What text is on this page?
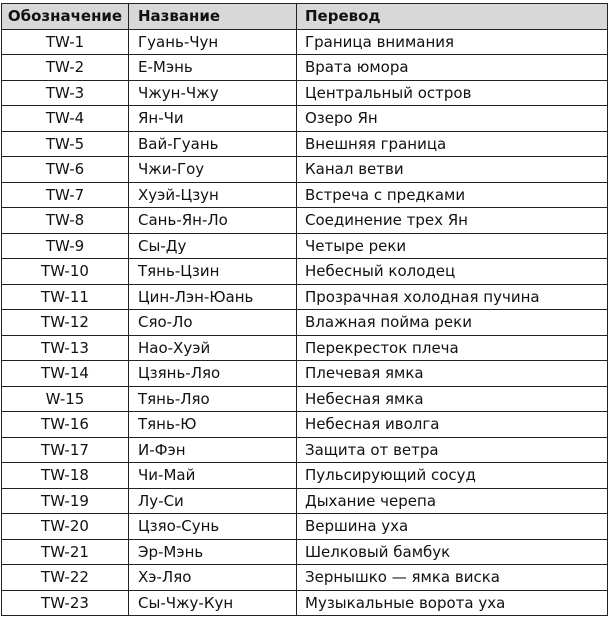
Обозначение	Название	Перевод
TW-1	Гуань-Чун	Граница внимания
TW-2	Е-Мэнь	Врата юмора
TW-3	Чжун-Чжу	Центральный остров
TW-4	Ян-Чи	Озеро Ян
TW-5	Вай-Гуань	Внешняя граница
TW-6	Чжи-Гоу	Канал ветви
TW-7	Хуэй-Цзун	Встреча с предками
TW-8	Сань-Ян-Ло	Соединение трех Ян
TW-9	Сы-Ду	Четыре реки
TW-10	Тянь-Цзин	Небесный колодец
TW-11	Цин-Лэн-Юань	Прозрачная холодная пучина
TW-12	Сяо-Ло	Влажная пойма реки
TW-13	Нао-Хуэй	Перекресток плеча
TW-14	Цзянь-Ляо	Плечевая ямка
W-15	Тянь-Ляо	Небесная ямка
TW-16	Тянь-Ю	Небесная иволга
TW-17	И-Фэн	Защита от ветра
TW-18	Чи-Май	Пульсирующий сосуд
TW-19	Лу-Си	Дыхание черепа
TW-20	Цзяо-Сунь	Вершина уха
TW-21	Эр-Мэнь	Шелковый бамбук
TW-22	Хэ-Ляо	Зернышко — ямка виска
TW-23	Сы-Чжу-Кун	Музыкальные ворота уха
